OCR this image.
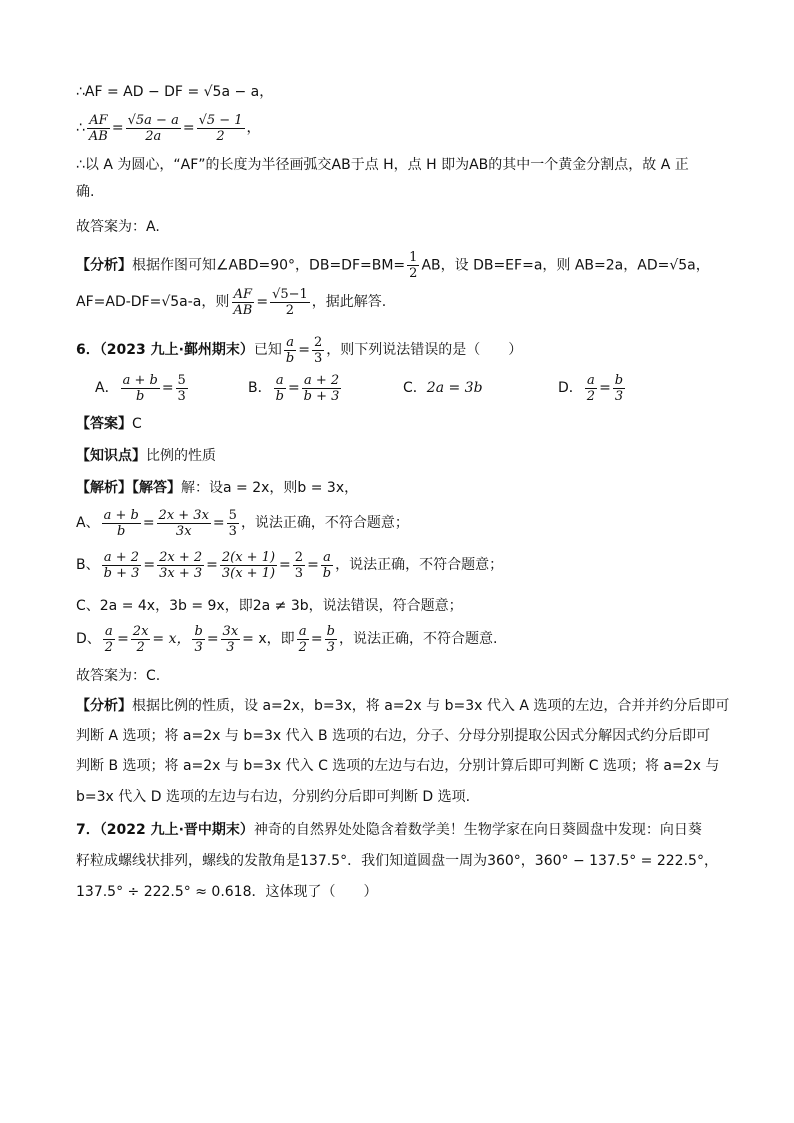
∴AF = AD − DF = √5a − a，
∴ $\frac{AF}{AB} = \frac{√5a - a}{2a} = \frac{√5 - 1}{2}$ ，
∴以 A 为圆心，“AF”的长度为半径画弧交AB于点 H，点 H 即为AB的其中一个黄金分割点，故 A 正
确.
故答案为：A.
【分析】根据作图可知∠ABD=90°，$DB=DF=BM= \frac{1}{2}$ AB，设 DB=EF=a，则 AB=2a，AD=√5a，
AF=AD-DF=√5a-a，则 $\frac{AF}{AB} = \frac{√5-1}{2}$ ，据此解答.
6．（2023 九上·鄞州期末）已知 $\frac{a}{b} = \frac{2}{3}$ ，则下列说法错误的是（　　）
A． $\frac{a + b}{b} = \frac{5}{3}$	B． $\frac{a}{b} = \frac{a + 2}{b + 3}$	C．2a = 3b	D． $\frac{a}{2} = \frac{b}{3}$
【答案】C
【知识点】比例的性质
【解析】【解答】解：设a = 2x，则b = 3x，
A、 $\frac{a + b}{b} = \frac{2x + 3x}{3x} = \frac{5}{3}$ ，说法正确，不符合题意；
B、 $\frac{a + 2}{b + 3} = \frac{2x + 2}{3x + 3} = \frac{2(x + 1)}{3(x + 1)} = \frac{2}{3} = \frac{a}{b}$ ，说法正确，不符合题意；
C、2a = 4x，3b = 9x，即2a ≠ 3b，说法错误，符合题意；
D、 $\frac{a}{2} = \frac{2x}{2} = x$， $\frac{b}{3} = \frac{3x}{3} = x$，即 $\frac{a}{2} = \frac{b}{3}$ ，说法正确，不符合题意.
故答案为：C.
【分析】根据比例的性质，设 a=2x，b=3x，将 a=2x 与 b=3x 代入 A 选项的左边，合并并约分后即可
判断 A 选项；将 a=2x 与 b=3x 代入 B 选项的右边，分子、分母分别提取公因式分解因式约分后即可
判断 B 选项；将 a=2x 与 b=3x 代入 C 选项的左边与右边，分别计算后即可判断 C 选项；将 a=2x 与
b=3x 代入 D 选项的左边与右边，分别约分后即可判断 D 选项.
7．（2022 九上·晋中期末）神奇的自然界处处隐含着数学美！生物学家在向日葵圆盘中发现：向日葵
籽粒成螺线状排列，螺线的发散角是137.5°．我们知道圆盘一周为360°，360° − 137.5° = 222.5°，
137.5° ÷ 222.5° ≈ 0.618．这体现了（　　）
